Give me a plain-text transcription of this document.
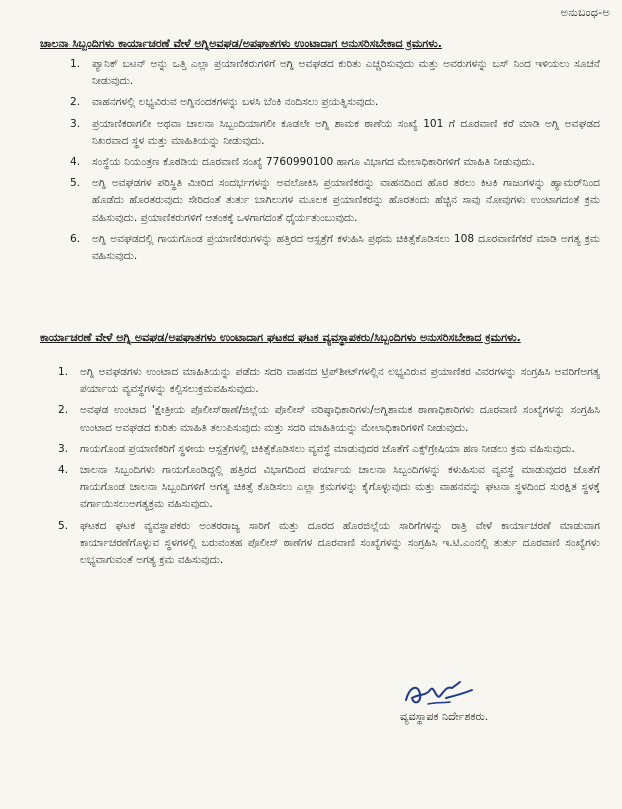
ಅನುಬಂಧ-ಅ
ಚಾಲನಾ ಸಿಬ್ಬಂದಿಗಳು ಕಾರ್ಯಾಚರಣೆ ವೇಳೆ ಅಗ್ನಿಅವಘಡ/ಅಪಘಾತಗಳು ಉಂಟಾದಾಗ ಅನುಸರಿಸಬೇಕಾದ ಕ್ರಮಗಳು.
1.	ಪ್ಯಾನಿಕ್ ಬಟನ್ ಅನ್ನು ಒತ್ತಿ ಎಲ್ಲಾ ಪ್ರಯಾಣಿಕರುಗಳಿಗೆ ಅಗ್ನಿ ಅವಘಡದ ಕುರಿತು ಎಚ್ಚರಿಸುವುದು ಮತ್ತು ಅವರುಗಳನ್ನು ಬಸ್ ನಿಂದ ಇಳಿಯಲು ಸೂಚನೆ ನೀಡುವುದು.
2.	ವಾಹನಗಳಲ್ಲಿ ಲಭ್ಯವಿರುವ ಅಗ್ನಿನಂದಕಗಳನ್ನು ಬಳಸಿ ಬೆಂಕಿ ನಂದಿಸಲು ಪ್ರಯತ್ನಿಸುವುದು.
3.	ಪ್ರಯಾಣಿಕರಾಗಲೀ ಅಥವಾ ಚಾಲನಾ ಸಿಬ್ಬಂದಿಯಾಗಲೀ ಕೂಡಲೇ ಅಗ್ನಿ ಶಾಮಕ ಠಾಣೆಯ ಸಂಖ್ಯೆ 101 ಗೆ ದೂರವಾಣಿ ಕರೆ ಮಾಡಿ ಅಗ್ನಿ ಅವಘಡದ ನಿಖರವಾದ ಸ್ಥಳ ಮತ್ತು ಮಾಹಿತಿಯನ್ನು ನೀಡುವುದು.
4.	ಸಂಸ್ಥೆಯ ನಿಯಂತ್ರಣ ಕೊಠಡಿಯ ದೂರವಾಣಿ ಸಂಖ್ಯೆ 7760990100 ಹಾಗೂ ವಿಭಾಗದ ಮೇಲಾಧಿಕಾರಿಗಳಿಗೆ ಮಾಹಿತಿ ನೀಡುವುದು.
5.	ಅಗ್ನಿ ಅವಘಡಗಳ ಪರಿಸ್ಥಿತಿ ಮೀರಿದ ಸಂದರ್ಭಗಳನ್ನು ಅವಲೋಕಿಸಿ ಪ್ರಯಾಣಿಕರನ್ನು ವಾಹನದಿಂದ ಹೊರ ತರಲು ಕಿಟಕಿ ಗಾಜುಗಳನ್ನು ಹ್ಯಾಮರ್‌ನಿಂದ ಹೊಡೆದು ಹೊರತರುವುದು ಸೇರಿದಂತೆ ತುರ್ತು ಬಾಗಿಲುಗಳ ಮೂಲಕ ಪ್ರಯಾಣಿಕರನ್ನು ಹೊರತಂದು ಹೆಚ್ಚಿನ ಸಾವು ನೋವುಗಳು ಉಂಟಾಗದಂತೆ ಕ್ರಮ ವಹಿಸುವುದು. ಪ್ರಯಾಣಿಕರುಗಳಿಗೆ ಆತಂಕಕ್ಕೆ ಒಳಗಾಗದಂತೆ ಧೈರ್ಯತುಂಬುವುದು.
6.	ಅಗ್ನಿ ಅವಘಡದಲ್ಲಿ ಗಾಯಗೊಂಡ ಪ್ರಯಾಣಿಕರುಗಳನ್ನು ಹತ್ತಿರದ ಆಸ್ಪತ್ರೆಗೆ ಕಳುಹಿಸಿ ಪ್ರಥಮ ಚಿಕಿತ್ಸೆಕೊಡಿಸಲು 108 ದೂರವಾಣಿಗೆಕರೆ ಮಾಡಿ ಅಗತ್ಯ ಕ್ರಮ ವಹಿಸುವುದು.
ಕಾರ್ಯಾಚರಣೆ ವೇಳೆ ಅಗ್ನಿ ಅವಘಡ/ಅಪಘಾತಗಳು ಉಂಟಾದಾಗ ಘಟಕದ ಘಟಕ ವ್ಯವಸ್ಥಾಪಕರು/ಸಿಬ್ಬಂದಿಗಳು ಅನುಸರಿಸಬೇಕಾದ ಕ್ರಮಗಳು.
1.	ಅಗ್ನಿ ಅವಘಡಗಳು ಉಂಟಾದ ಮಾಹಿತಿಯನ್ನು ಪಡೆದು ಸದರಿ ವಾಹನದ ಟ್ರಿಪ್‌ಶೀಟ್‌ಗಳಲ್ಲಿನ ಲಭ್ಯವಿರುವ ಪ್ರಯಾಣಿಕರ ವಿವರಗಳನ್ನು ಸಂಗ್ರಹಿಸಿ ಅವರಿಗೆಅಗತ್ಯ ಪರ್ಯಾಯ ವ್ಯವಸ್ಥೆಗಳನ್ನು ಕಲ್ಪಿಸಲುಕ್ರಮವಹಿಸುವುದು.
2.	ಅವಘಡ ಉಂಟಾದ 'ಕ್ಷೇತ್ರೀಯ ಪೊಲೀಸ್‌ಠಾಣೆ/ಜಿಲ್ಲೆಯ ಪೊಲೀಸ್ ವರಿಷ್ಠಾಧಿಕಾರಿಗಳು/ಅಗ್ನಿಶಾಮಕ ಠಾಣಾಧಿಕಾರಿಗಳು ದೂರವಾಣಿ ಸಂಖ್ಯೆಗಳನ್ನು ಸಂಗ್ರಹಿಸಿ ಉಂಟಾದ ಅವಘಡದ ಕುರಿತು ಮಾಹಿತಿ ತಲುಪಿಸುವುದು ಮತ್ತು ಸದರಿ ಮಾಹಿತಿಯನ್ನು ಮೇಲಾಧಿಕಾರಿಗಳಿಗೆ ನೀಡುವುದು.
3.	ಗಾಯಗೊಂಡ ಪ್ರಯಾಣಿಕರಿಗೆ ಸ್ಥಳೀಯ ಆಸ್ಪತ್ರೆಗಳಲ್ಲಿ ಚಿಕಿತ್ಸೆಕೊಡಿಸಲು ವ್ಯವಸ್ಥೆ ಮಾಡುವುದರ ಜೊತೆಗೆ ಎಕ್ಸ್‌ಗ್ರೇಷಿಯಾ ಹಣ ನೀಡಲು ಕ್ರಮ ವಹಿಸುವುದು.
4.	ಚಾಲನಾ ಸಿಬ್ಬಂದಿಗಳು ಗಾಯಗೊಂಡಿದ್ದಲ್ಲಿ ಹತ್ತಿರದ ವಿಭಾಗದಿಂದ ಪರ್ಯಾಯ ಚಾಲನಾ ಸಿಬ್ಬಂದಿಗಳನ್ನು ಕಳುಹಿಸುವ ವ್ಯವಸ್ಥೆ ಮಾಡುವುದರ ಜೊತೆಗೆ ಗಾಯಗೊಂಡ ಚಾಲನಾ ಸಿಬ್ಬಂದಿಗಳಿಗೆ ಅಗತ್ಯ ಚಿಕಿತ್ಸೆ ಕೊಡಿಸಲು ಎಲ್ಲಾ ಕ್ರಮಗಳನ್ನು ಕೈಗೊಳ್ಳುವುದು ಮತ್ತು ವಾಹನವನ್ನು ಘಟನಾ ಸ್ಥಳದಿಂದ ಸುರಕ್ಷಿತ ಸ್ಥಳಕ್ಕೆ ವರ್ಗಾಯಿಸಲುಅಗತ್ಯಕ್ರಮ ವಹಿಸುವುದು.
5.	ಘಟಕದ ಘಟಕ ವ್ಯವಸ್ಥಾಪಕರು ಅಂತರರಾಜ್ಯ ಸಾರಿಗೆ ಮತ್ತು ದೂರದ ಹೊರಜಿಲ್ಲೆಯ ಸಾರಿಗೆಗಳನ್ನು ರಾತ್ರಿ ವೇಳೆ ಕಾರ್ಯಾಚರಣೆ ಮಾಡುವಾಗ ಕಾರ್ಯಾಚರಣೆಗೊಳ್ಳುವ ಸ್ಥಳಗಳಲ್ಲಿ ಬರುವಂತಹ ಪೊಲೀಸ್ ಠಾಣೆಗಳ ದೂರವಾಣಿ ಸಂಖ್ಯೆಗಳನ್ನು ಸಂಗ್ರಹಿಸಿ ಇ.ಟಿ.ಎಂನಲ್ಲಿ ತುರ್ತು ದೂರವಾಣಿ ಸಂಖ್ಯೆಗಳು ಲಭ್ಯವಾಗುವಂತೆ ಅಗತ್ಯ ಕ್ರಮ ವಹಿಸುವುದು.
ವ್ಯವಸ್ಥಾಪಕ ನಿರ್ದೇಶಕರು.
